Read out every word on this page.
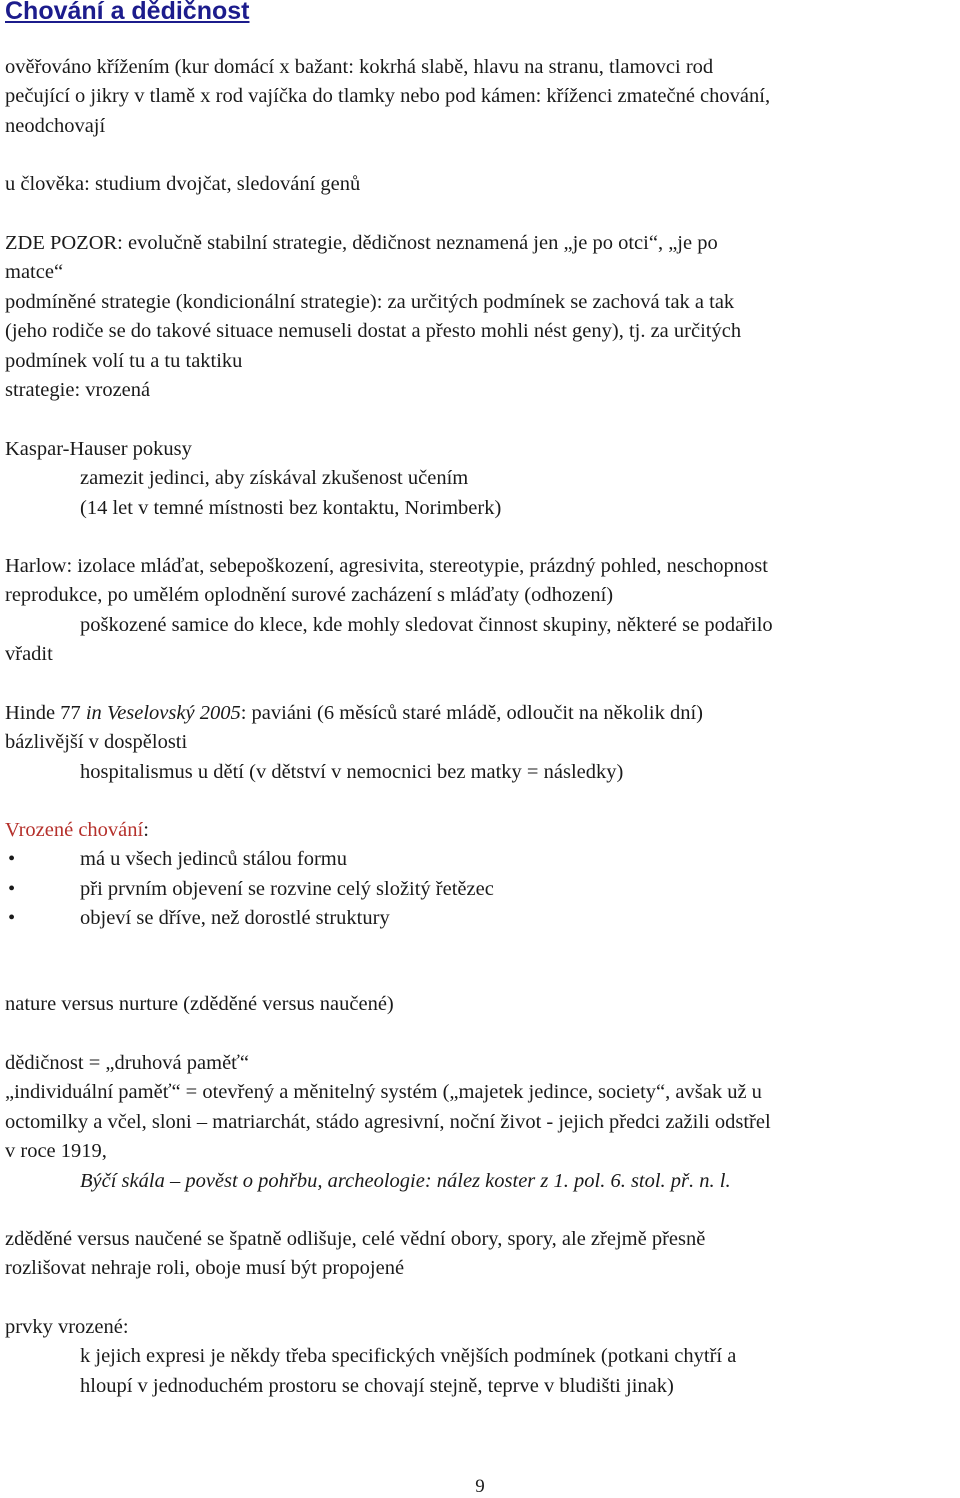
Chování a dědičnost
ověřováno křížením (kur domácí x bažant: kokrhá slabě, hlavu na stranu, tlamovci rod
pečující o jikry v tlamě x rod vajíčka do tlamky nebo pod kámen: kříženci zmatečné chování,
neodchovají
u člověka: studium dvojčat, sledování genů
ZDE POZOR: evolučně stabilní strategie, dědičnost neznamená jen „je po otci“, „je po
matce“
podmíněné strategie (kondicionální strategie): za určitých podmínek se zachová tak a tak
(jeho rodiče se do takové situace nemuseli dostat a přesto mohli nést geny), tj. za určitých
podmínek volí tu a tu taktiku
strategie: vrozená
Kaspar-Hauser pokusy
zamezit jedinci, aby získával zkušenost učením
(14 let v temné místnosti bez kontaktu, Norimberk)
Harlow: izolace mláďat, sebepoškození, agresivita, stereotypie, prázdný pohled, neschopnost
reprodukce, po umělém oplodnění surové zacházení s mláďaty (odhození)
poškozené samice do klece, kde mohly sledovat činnost skupiny, některé se podařilo
vřadit
Hinde 77 in Veselovský 2005: paviáni (6 měsíců staré mládě, odloučit na několik dní)
bázlivější v dospělosti
hospitalismus u dětí (v dětství v nemocnici bez matky = následky)
Vrozené chování:
• má u všech jedinců stálou formu
• při prvním objevení se rozvine celý složitý řetězec
• objeví se dříve, než dorostlé struktury
nature versus nurture (zděděné versus naučené)
dědičnost = „druhová paměť“
„individuální paměť“ = otevřený a měnitelný systém („majetek jedince, society“, avšak už u
octomilky a včel, sloni – matriarchát, stádo agresivní, noční život - jejich předci zažili odstřel
v roce 1919,
Býčí skála – pověst o pohřbu, archeologie: nález koster z 1. pol. 6. stol. př. n. l.
zděděné versus naučené se špatně odlišuje, celé vědní obory, spory, ale zřejmě přesně
rozlišovat nehraje roli, oboje musí být propojené
prvky vrozené:
k jejich expresi je někdy třeba specifických vnějších podmínek (potkani chytří a
hloupí v jednoduchém prostoru se chovají stejně, teprve v bludišti jinak)
9
